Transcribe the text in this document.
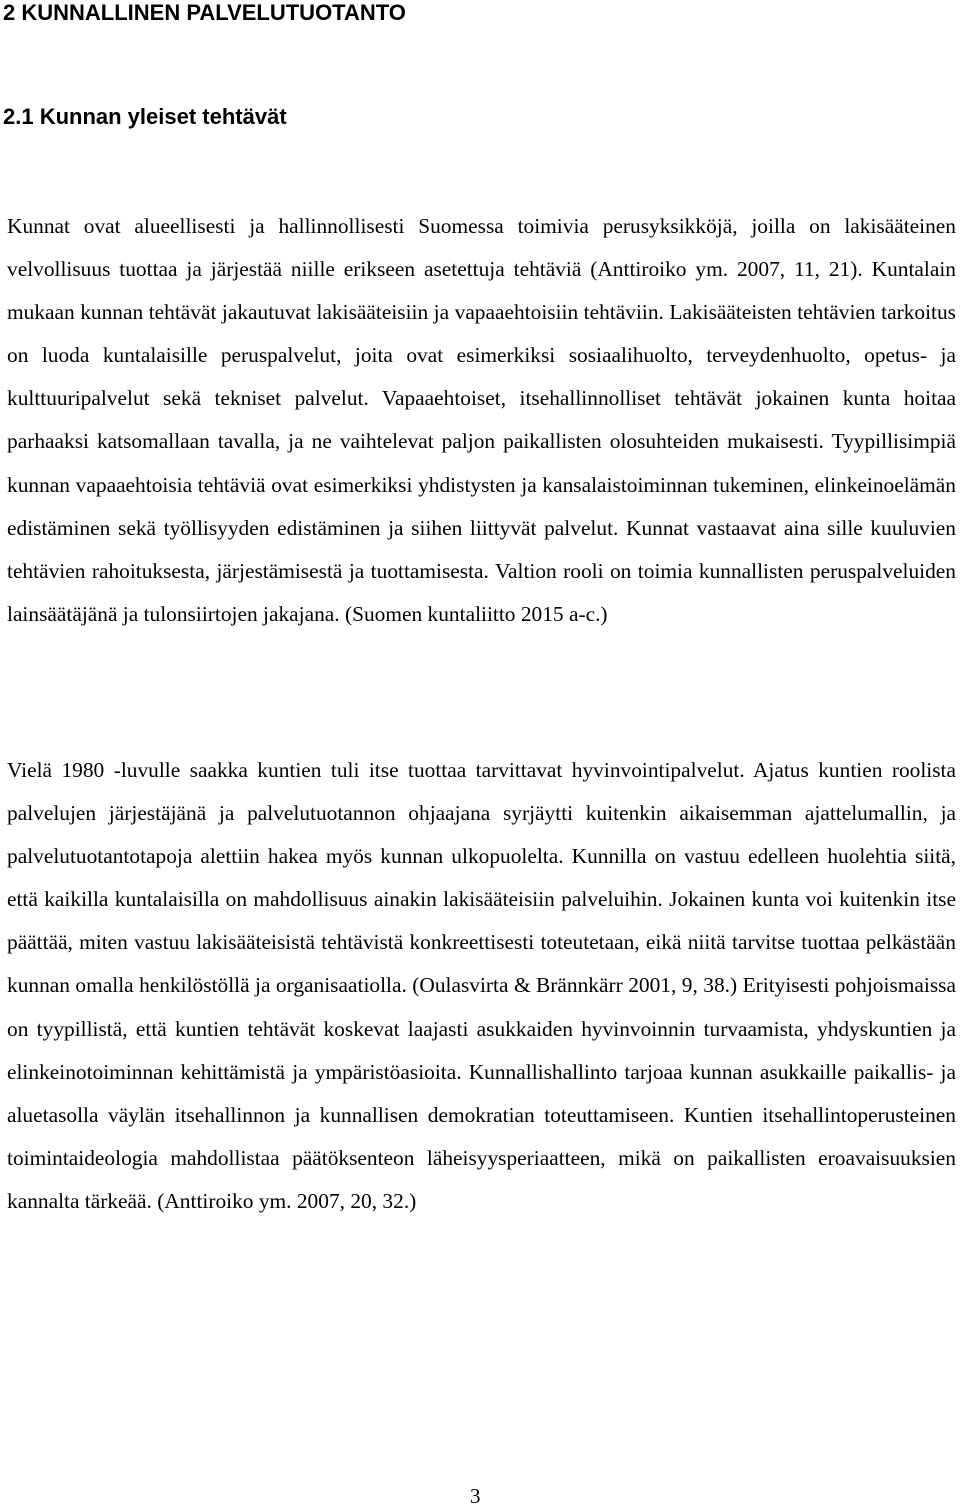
2 KUNNALLINEN PALVELUTUOTANTO
2.1 Kunnan yleiset tehtävät

Kunnat ovat alueellisesti ja hallinnollisesti Suomessa toimivia perusyksikköjä, joilla on lakisääteinen velvollisuus tuottaa ja järjestää niille erikseen asetettuja tehtäviä (Anttiroiko ym. 2007, 11, 21). Kuntalain mukaan kunnan tehtävät jakautuvat lakisääteisiin ja vapaaehtoisiin tehtäviin. Lakisääteisten tehtävien tarkoitus on luoda kuntalaisille peruspalvelut, joita ovat esimerkiksi sosiaalihuolto, terveydenhuolto, opetus- ja kulttuuripalvelut sekä tekniset palvelut. Vapaaehtoiset, itsehallinnolliset tehtävät jokainen kunta hoitaa parhaaksi katsomallaan tavalla, ja ne vaihtelevat paljon paikallisten olosuhteiden mukaisesti. Tyypillisimpiä kunnan vapaaehtoisia tehtäviä ovat esimerkiksi yhdistysten ja kansalaistoiminnan tukeminen, elinkeinoelämän edistäminen sekä työllisyyden edistäminen ja siihen liittyvät palvelut. Kunnat vastaavat aina sille kuuluvien tehtävien rahoituksesta, järjestämisestä ja tuottamisesta. Valtion rooli on toimia kunnallisten peruspalveluiden lainsäätäjänä ja tulonsiirtojen jakajana. (Suomen kuntaliitto 2015 a-c.)

Vielä 1980 -luvulle saakka kuntien tuli itse tuottaa tarvittavat hyvinvointipalvelut. Ajatus kuntien roolista palvelujen järjestäjänä ja palvelutuotannon ohjaajana syrjäytti kuitenkin aikaisemman ajattelumallin, ja palvelutuotantotapoja alettiin hakea myös kunnan ulkopuolelta. Kunnilla on vastuu edelleen huolehtia siitä, että kaikilla kuntalaisilla on mahdollisuus ainakin lakisääteisiin palveluihin. Jokainen kunta voi kuitenkin itse päättää, miten vastuu lakisääteisistä tehtävistä konkreettisesti toteutetaan, eikä niitä tarvitse tuottaa pelkästään kunnan omalla henkilöstöllä ja organisaatiolla. (Oulasvirta & Brännkärr 2001, 9, 38.) Erityisesti pohjoismaissa on tyypillistä, että kuntien tehtävät koskevat laajasti asukkaiden hyvinvoinnin turvaamista, yhdyskuntien ja elinkeinotoiminnan kehittämistä ja ympäristöasioita. Kunnallishallinto tarjoaa kunnan asukkaille paikallis- ja aluetasolla väylän itsehallinnon ja kunnallisen demokratian toteuttamiseen. Kuntien itsehallintoperusteinen toimintaideologia mahdollistaa päätöksenteon läheisyysperiaatteen, mikä on paikallisten eroavaisuuksien kannalta tärkeää. (Anttiroiko ym. 2007, 20, 32.)

3
